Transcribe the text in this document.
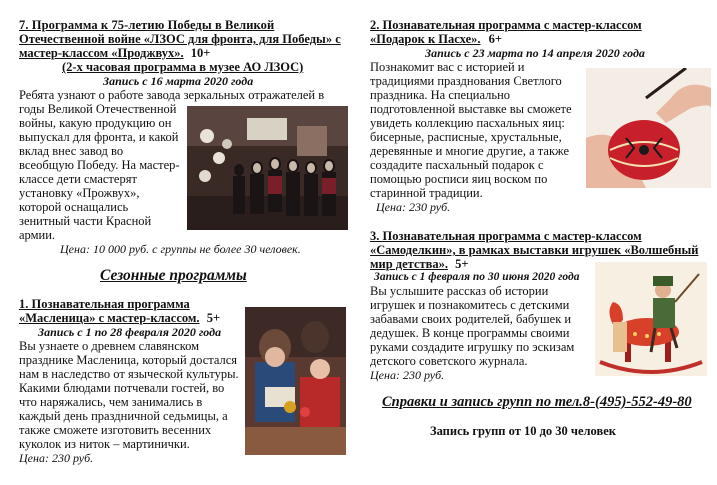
7. Программа к 75-летию Победы в Великой
Отечественной войне «ЛЗОС для фронта, для Победы» с
мастер-классом «Проджвух». 10+
(2-х часовая программа в музее АО ЛЗОС)
Запись с 16 марта 2020 года
Ребята узнают о работе завода зеркальных отражателей в
годы Великой Отечественной
войны, какую продукцию он
выпускал для фронта, и какой
вклад внес завод во
всеобщую Победу. На мастер-
классе дети смастерят
установку «Прожвух»,
которой оснащались
зенитный части Красной
армии.
Цена: 10 000 руб. с группы не более 30 человек.
Сезонные программы
1. Познавательная программа
«Масленица» с мастер-классом. 5+
Запись с 1 по 28 февраля 2020 года
Вы узнаете о древнем славянском
празднике Масленица, который достался
нам в наследство от языческой культуры.
Какими блюдами потчевали гостей, во
что наряжались, чем занимались в
каждый день праздничной седьмицы, а
также сможете изготовить весенних
куколок из ниток – мартинички.
Цена: 230 руб.
2. Познавательная программа с мастер-классом
«Подарок к Пасхе». 6+
Запись с 23 марта по 14 апреля 2020 года
Познакомит вас с историей и
традициями празднования Светлого
праздника. На специально
подготовленной выставке вы сможете
увидеть коллекцию пасхальных яиц:
бисерные, расписные, хрустальные,
деревянные и многие другие, а также
создадите пасхальный подарок с
помощью росписи яиц воском по
старинной традиции.
Цена: 230 руб.
3. Познавательная программа с мастер-классом
«Самоделкин», в рамках выставки игрушек «Волшебный
мир детства». 5+
Запись с 1 февраля по 30 июня 2020 года
Вы услышите рассказ об истории
игрушек и познакомитесь с детскими
забавами своих родителей, бабушек и
дедушек. В конце программы своими
руками создадите игрушку по эскизам
детского советского журнала.
Цена: 230 руб.
Справки и запись групп по тел.8-(495)-552-49-80
Запись групп от 10 до 30 человек
